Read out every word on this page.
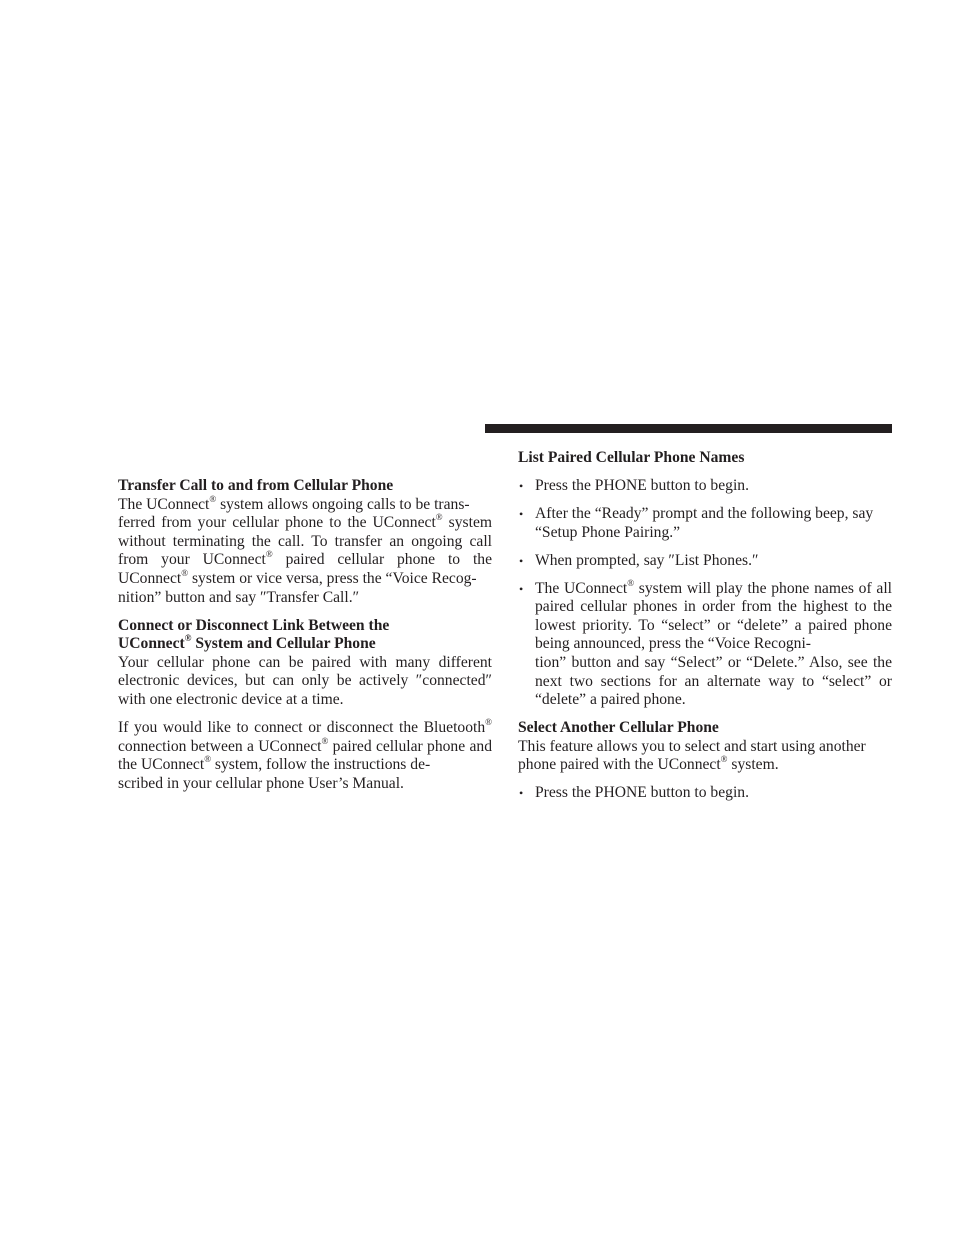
Transfer Call to and from Cellular Phone

The UConnect® system allows ongoing calls to be trans-
ferred from your cellular phone to the UConnect® system without terminating the call. To transfer an ongoing call from your UConnect® paired cellular phone to the UConnect® system or vice versa, press the “Voice Recog-
nition” button and say ″Transfer Call.″

Connect or Disconnect Link Between the
UConnect® System and Cellular Phone

Your cellular phone can be paired with many different electronic devices, but can only be actively ″connected″ with one electronic device at a time.

If you would like to connect or disconnect the Bluetooth® connection between a UConnect® paired cellular phone and the UConnect® system, follow the instructions de-
scribed in your cellular phone User’s Manual.

List Paired Cellular Phone Names

• Press the PHONE button to begin.
• After the “Ready” prompt and the following beep, say “Setup Phone Pairing.”
• When prompted, say ″List Phones.″
• The UConnect® system will play the phone names of all paired cellular phones in order from the highest to the lowest priority. To “select” or “delete” a paired phone being announced, press the “Voice Recogni-
tion” button and say “Select” or “Delete.” Also, see the next two sections for an alternate way to “select” or “delete” a paired phone.

Select Another Cellular Phone

This feature allows you to select and start using another phone paired with the UConnect® system.

• Press the PHONE button to begin.
